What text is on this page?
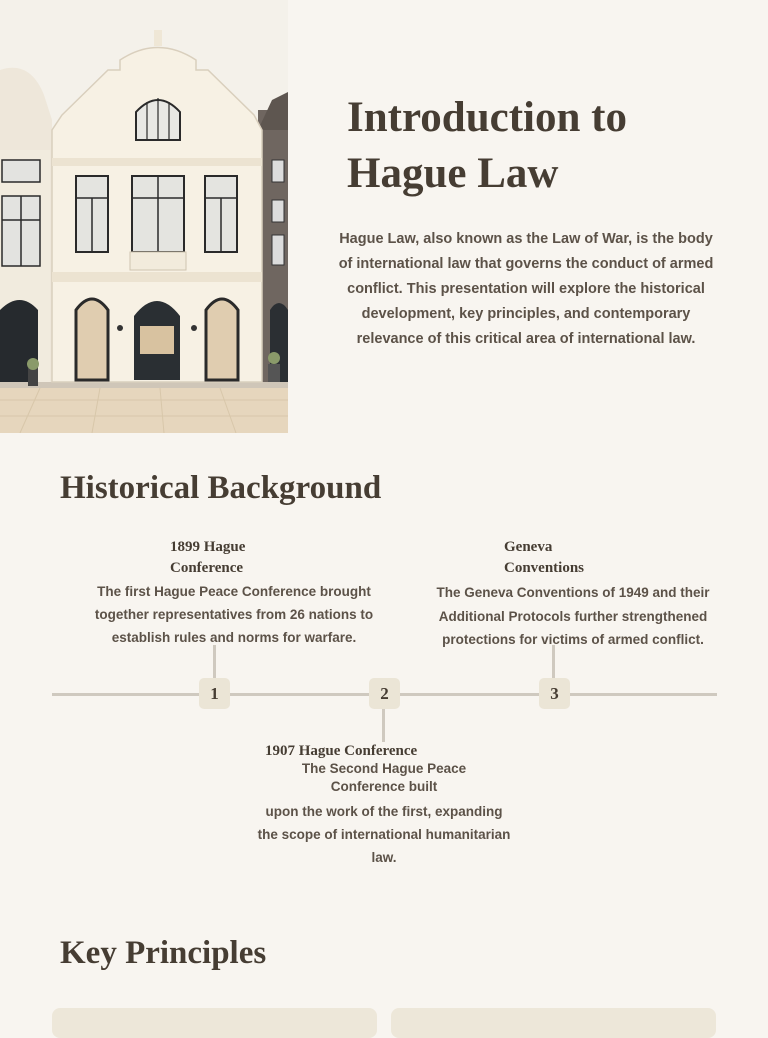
Introduction to Hague Law
Hague Law, also known as the Law of War, is the body of international law that governs the conduct of armed conflict. This presentation will explore the historical development, key principles, and contemporary relevance of this critical area of international law.
Historical Background
1899 Hague Conference
The first Hague Peace Conference brought together representatives from 26 nations to establish rules and norms for warfare.
Geneva Conventions
The Geneva Conventions of 1949 and their Additional Protocols further strengthened protections for victims of armed conflict.
1	2	3
1907 Hague Conference
The Second Hague Peace Conference built
upon the work of the first, expanding the scope of international humanitarian law.
Key Principles
